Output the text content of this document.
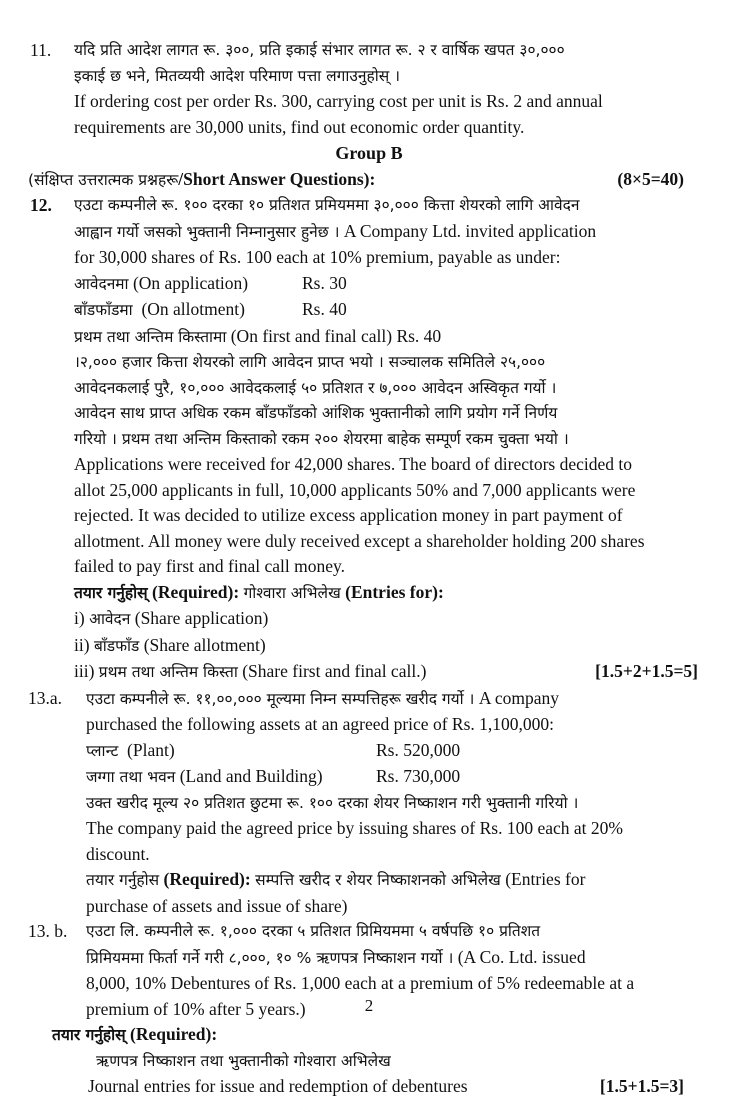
11.	यदि प्रति आदेश लागत रू. ३००, प्रति इकाई संभार लागत रू. २ र वार्षिक खपत ३०,०००
इकाई छ भने, मितव्ययी आदेश परिमाण पत्ता लगाउनुहोस् ।
If ordering cost per order Rs. 300, carrying cost per unit is Rs. 2 and annual
requirements are 30,000 units, find out economic order quantity.
Group B
(संक्षिप्त उत्तरात्मक प्रश्नहरू/Short Answer Questions):	(8×5=40)
12.	एउटा कम्पनीले रू. १०० दरका १० प्रतिशत प्रमियममा ३०,००० कित्ता शेयरको लागि आवेदन
आह्वान गर्यो जसको भुक्तानी निम्नानुसार हुनेछ । A Company Ltd. invited application
for 30,000 shares of Rs. 100 each at 10% premium, payable as under:
आवेदनमा (On application)	Rs. 30
बाँडफाँडमा (On allotment)	Rs. 40
प्रथम तथा अन्तिम किस्तामा (On first and final call) Rs. 40
।२,००० हजार कित्ता शेयरको लागि आवेदन प्राप्त भयो । सञ्चालक समितिले २५,०००
आवेदनकलाई पुरै, १०,००० आवेदकलाई ५० प्रतिशत र ७,००० आवेदन अस्विकृत गर्यो ।
आवेदन साथ प्राप्त अधिक रकम बाँडफाँडको आंशिक भुक्तानीको लागि प्रयोग गर्ने निर्णय
गरियो । प्रथम तथा अन्तिम किस्ताको रकम २०० शेयरमा बाहेक सम्पूर्ण रकम चुक्ता भयो ।
Applications were received for 42,000 shares. The board of directors decided to
allot 25,000 applicants in full, 10,000 applicants 50% and 7,000 applicants were
rejected. It was decided to utilize excess application money in part payment of
allotment. All money were duly received except a shareholder holding 200 shares
failed to pay first and final call money.
तयार गर्नुहोस् (Required): गोश्वारा अभिलेख (Entries for):
i) आवेदन (Share application)
ii) बाँडफाँड (Share allotment)
iii) प्रथम तथा अन्तिम किस्ता (Share first and final call.)	[1.5+2+1.5=5]
13.a.	एउटा कम्पनीले रू. ११,००,००० मूल्यमा निम्न सम्पत्तिहरू खरीद गर्यो । A company
purchased the following assets at an agreed price of Rs. 1,100,000:
प्लान्ट (Plant)	Rs. 520,000
जग्गा तथा भवन (Land and Building)	Rs. 730,000
उक्त खरीद मूल्य २० प्रतिशत छुटमा रू. १०० दरका शेयर निष्काशन गरी भुक्तानी गरियो ।
The company paid the agreed price by issuing shares of Rs. 100 each at 20%
discount.
तयार गर्नुहोस (Required): सम्पत्ति खरीद र शेयर निष्काशनको अभिलेख (Entries for
purchase of assets and issue of share)
13. b.	एउटा लि. कम्पनीले रू. १,००० दरका ५ प्रतिशत प्रिमियममा ५ वर्षपछि १० प्रतिशत
प्रिमियममा फिर्ता गर्ने गरी ८,०००, १० % ऋणपत्र निष्काशन गर्यो । (A Co. Ltd. issued
8,000, 10% Debentures of Rs. 1,000 each at a premium of 5% redeemable at a
premium of 10% after 5 years.)
तयार गर्नुहोस् (Required):
ऋणपत्र निष्काशन तथा भुक्तानीको गोश्वारा अभिलेख
Journal entries for issue and redemption of debentures	[1.5+1.5=3]
2
